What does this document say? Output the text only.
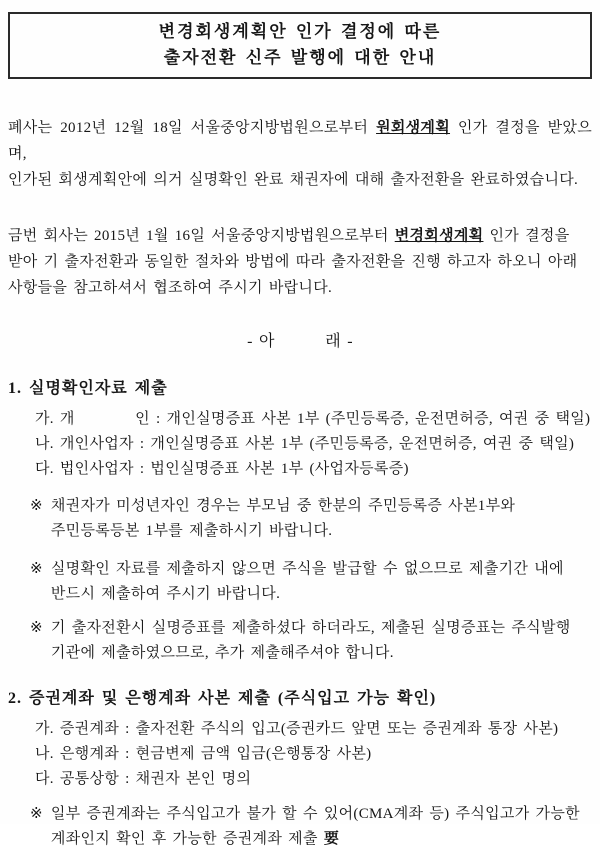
변경회생계획안 인가 결정에 따른
출자전환 신주 발행에 대한 안내
폐사는 2012년 12월 18일 서울중앙지방법원으로부터 원회생계획 인가 결정을 받았으며,
인가된 회생계획안에 의거 실명확인 완료 채권자에 대해 출자전환을 완료하였습니다.
금번 회사는 2015년 1월 16일 서울중앙지방법원으로부터 변경회생계획 인가 결정을
받아 기 출자전환과 동일한 절차와 방법에 따라 출자전환을 진행 하고자 하오니 아래
사항들을 참고하셔서 협조하여 주시기 바랍니다.
- 아        래 -
1. 실명확인자료 제출
가. 개          인 : 개인실명증표 사본 1부 (주민등록증, 운전면허증, 여권 중 택일)
나. 개인사업자 : 개인실명증표 사본 1부 (주민등록증, 운전면허증, 여권 중 택일)
다. 법인사업자 : 법인실명증표 사본 1부 (사업자등록증)
※ 채권자가 미성년자인 경우는 부모님 중 한분의 주민등록증 사본1부와
주민등록등본 1부를 제출하시기 바랍니다.
※ 실명확인 자료를 제출하지 않으면 주식을 발급할 수 없으므로 제출기간 내에
반드시 제출하여 주시기 바랍니다.
※ 기 출자전환시 실명증표를 제출하셨다 하더라도, 제출된 실명증표는 주식발행
기관에 제출하였으므로, 추가 제출해주셔야 합니다.
2. 증권계좌 및 은행계좌 사본 제출 (주식입고 가능 확인)
가. 증권계좌 : 출자전환 주식의 입고(증권카드 앞면 또는 증권계좌 통장 사본)
나. 은행계좌 : 현금변제 금액 입금(은행통장 사본)
다. 공통상항 : 채권자 본인 명의
※ 일부 증권계좌는 주식입고가 불가 할 수 있어(CMA계좌 등) 주식입고가 가능한
계좌인지 확인 후 가능한 증권계좌 제출 要
